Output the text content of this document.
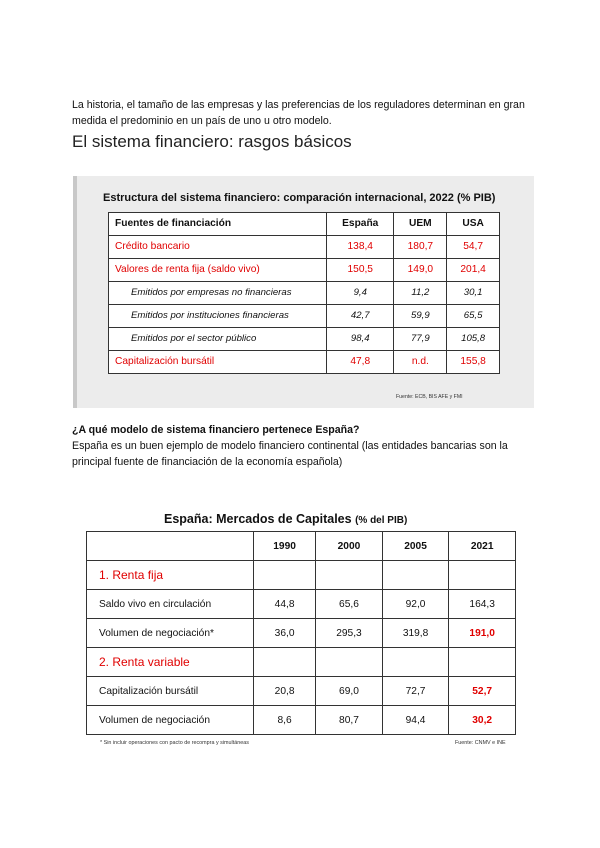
La historia, el tamaño de las empresas y las preferencias de los reguladores determinan en gran medida el predominio en un país de uno u otro modelo.

El sistema financiero: rasgos básicos
Estructura del sistema financiero: comparación internacional, 2022 (% PIB)
Fuentes de financiación	España	UEM	USA
Crédito bancario	138,4	180,7	54,7
Valores de renta fija (saldo vivo)	150,5	149,0	201,4
Emitidos por empresas no financieras	9,4	11,2	30,1
Emitidos por instituciones financieras	42,7	59,9	65,5
Emitidos por el sector público	98,4	77,9	105,8
Capitalización bursátil	47,8	n.d.	155,8
Fuente: ECB, BIS AFE y FMI
¿A qué modelo de sistema financiero pertenece España?

España es un buen ejemplo de modelo financiero continental (las entidades bancarias son la principal fuente de financiación de la economía española)

España: Mercados de Capitales (% del PIB)
	1990	2000	2005	2021
1. Renta fija				
Saldo vivo en circulación	44,8	65,6	92,0	164,3
Volumen de negociación*	36,0	295,3	319,8	191,0
2. Renta variable				
Capitalización bursátil	20,8	69,0	72,7	52,7
Volumen de negociación	8,6	80,7	94,4	30,2
* Sin incluir operaciones con pacto de recompra y simultáneas	Fuente: CNMV e INE
